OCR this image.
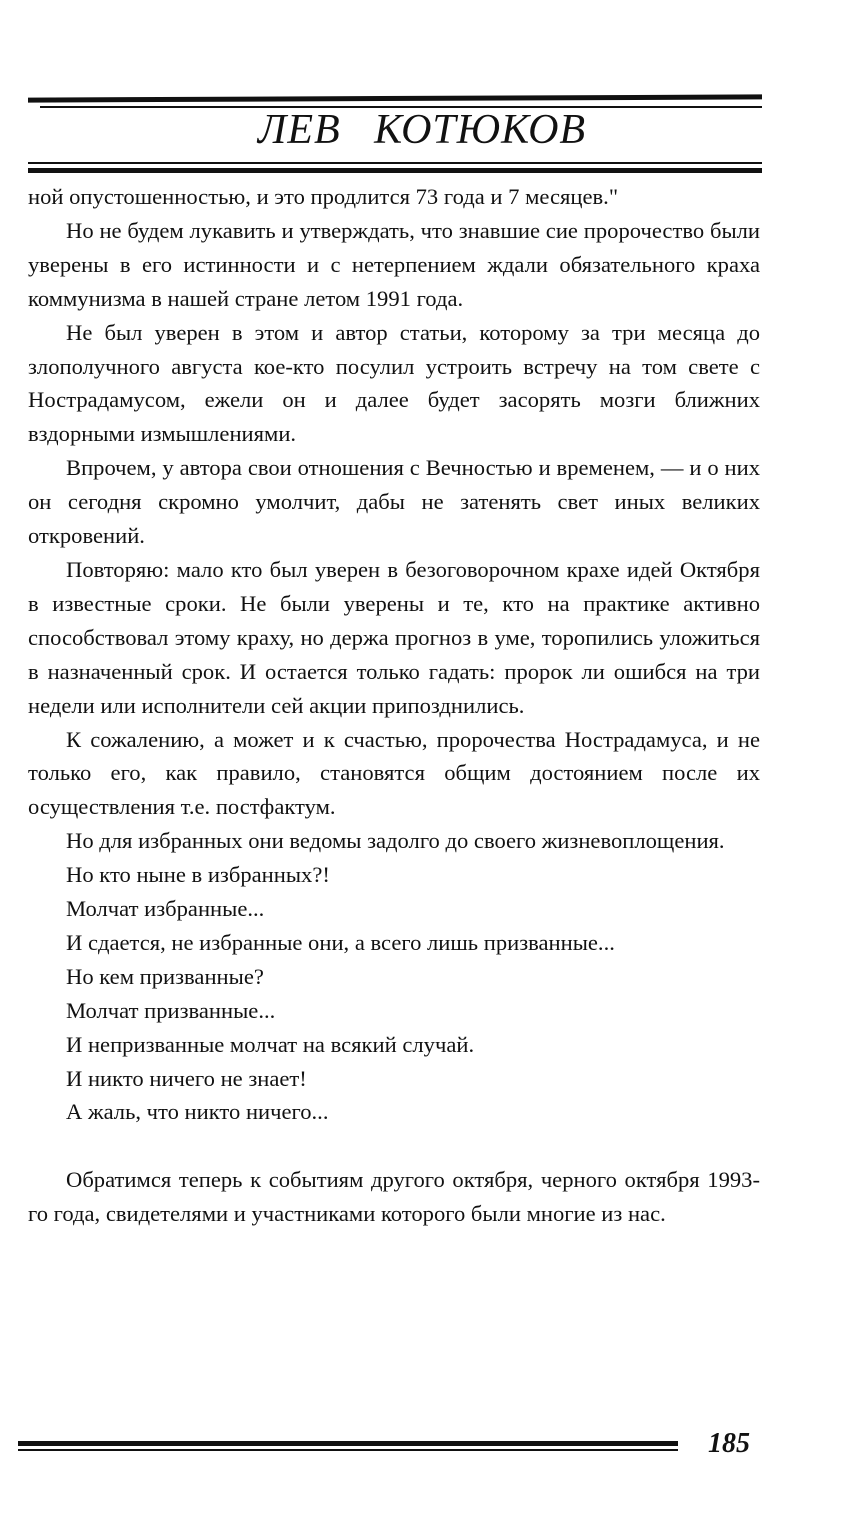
ЛЕВ КОТЮКОВ

ной опустошенностью, и это продлится 73 года и 7 месяцев."

Но не будем лукавить и утверждать, что знавшие сие пророчество были уверены в его истинности и с нетерпением ждали обязательного краха коммунизма в нашей стране летом 1991 года.

Не был уверен в этом и автор статьи, которому за три месяца до злополучного августа кое-кто посулил устроить встречу на том свете с Нострадамусом, ежели он и далее будет засорять мозги ближних вздорными измышлениями.

Впрочем, у автора свои отношения с Вечностью и временем, — и о них он сегодня скромно умолчит, дабы не затенять свет иных великих откровений.

Повторяю: мало кто был уверен в безоговорочном крахе идей Октября в известные сроки. Не были уверены и те, кто на практике активно способствовал этому краху, но держа прогноз в уме, торопились уложиться в назначенный срок. И остается только гадать: пророк ли ошибся на три недели или исполнители сей акции припозднились.

К сожалению, а может и к счастью, пророчества Нострадамуса, и не только его, как правило, становятся общим достоянием после их осуществления т.е. постфактум.

Но для избранных они ведомы задолго до своего жизневоплощения.

Но кто ныне в избранных?!

Молчат избранные...

И сдается, не избранные они, а всего лишь призванные...

Но кем призванные?

Молчат призванные...

И непризванные молчат на всякий случай.

И никто ничего не знает!

А жаль, что никто ничего...

Обратимся теперь к событиям другого октября, черного октября 1993-го года, свидетелями и участниками которого были многие из нас.

185
